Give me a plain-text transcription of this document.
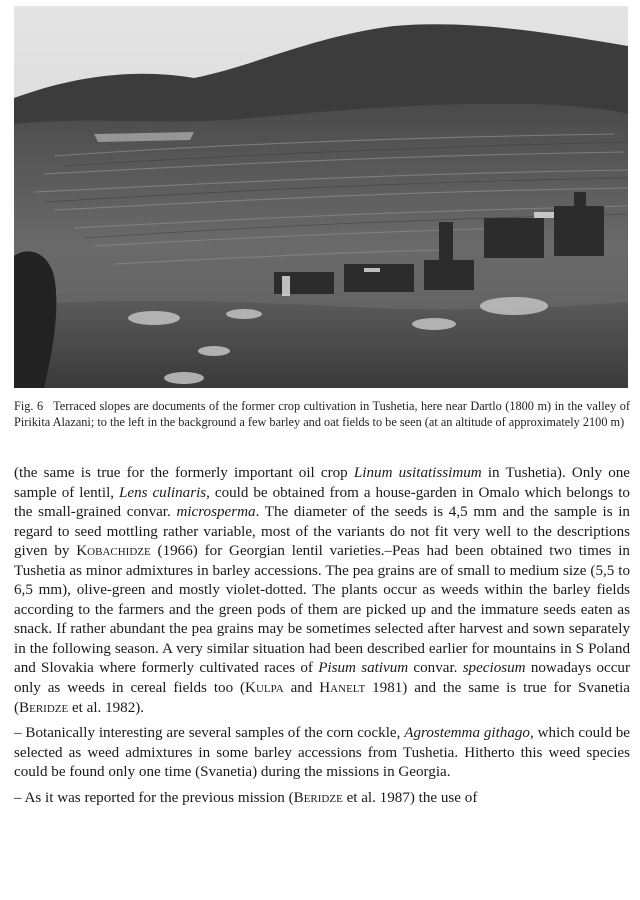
Fig. 6 Terraced slopes are documents of the former crop cultivation in Tushetia, here near Dartlo (1800 m) in the valley of Pirikita Alazani; to the left in the background a few barley and oat fields to be seen (at an altitude of approximately 2100 m)

(the same is true for the formerly important oil crop Linum usitatissimum in Tushetia). Only one sample of lentil, Lens culinaris, could be obtained from a house-garden in Omalo which belongs to the small-grained convar. microsperma. The diameter of the seeds is 4,5 mm and the sample is in regard to seed mottling rather variable, most of the variants do not fit very well to the descriptions given by Kobachidze (1966) for Georgian lentil varieties.–Peas had been obtained two times in Tushetia as minor admixtures in barley accessions. The pea grains are of small to medium size (5,5 to 6,5 mm), olive-green and mostly violet-dotted. The plants occur as weeds within the barley fields according to the farmers and the green pods of them are picked up and the immature seeds eaten as snack. If rather abundant the pea grains may be sometimes selected after harvest and sown separately in the following season. A very similar situation had been described earlier for mountains in S Poland and Slovakia where formerly cultivated races of Pisum sativum convar. speciosum nowadays occur only as weeds in cereal fields too (Kulpa and Hanelt 1981) and the same is true for Svanetia (Beridze et al. 1982).

– Botanically interesting are several samples of the corn cockle, Agrostemma githago, which could be selected as weed admixtures in some barley accessions from Tushetia. Hitherto this weed species could be found only one time (Svanetia) during the missions in Georgia.

– As it was reported for the previous mission (Beridze et al. 1987) the use of
